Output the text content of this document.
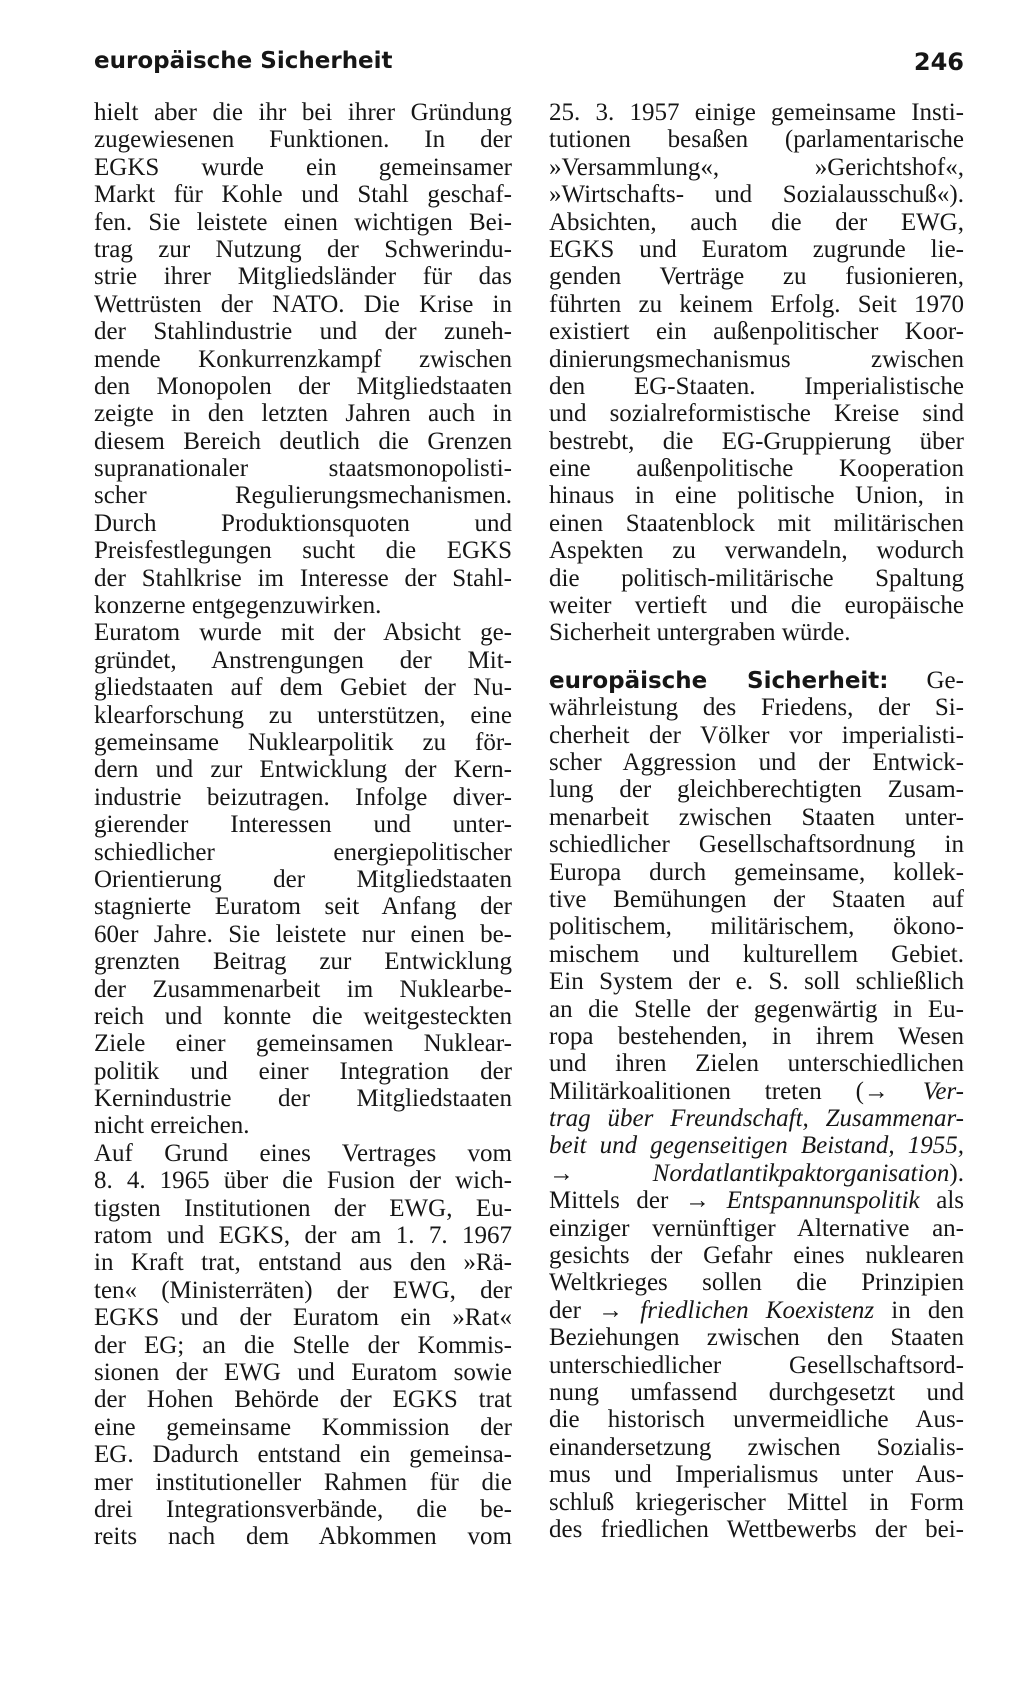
europäische Sicherheit	246
hielt aber die ihr bei ihrer Gründung
zugewiesenen Funktionen. In der
EGKS wurde ein gemeinsamer
Markt für Kohle und Stahl geschaf-
fen. Sie leistete einen wichtigen Bei-
trag zur Nutzung der Schwerindu-
strie ihrer Mitgliedsländer für das
Wettrüsten der NATO. Die Krise in
der Stahlindustrie und der zuneh-
mende Konkurrenzkampf zwischen
den Monopolen der Mitgliedstaaten
zeigte in den letzten Jahren auch in
diesem Bereich deutlich die Grenzen
supranationaler staatsmonopolisti-
scher Regulierungsmechanismen.
Durch Produktionsquoten und
Preisfestlegungen sucht die EGKS
der Stahlkrise im Interesse der Stahl-
konzerne entgegenzuwirken.
Euratom wurde mit der Absicht ge-
gründet, Anstrengungen der Mit-
gliedstaaten auf dem Gebiet der Nu-
klearforschung zu unterstützen, eine
gemeinsame Nuklearpolitik zu för-
dern und zur Entwicklung der Kern-
industrie beizutragen. Infolge diver-
gierender Interessen und unter-
schiedlicher energiepolitischer
Orientierung der Mitgliedstaaten
stagnierte Euratom seit Anfang der
60er Jahre. Sie leistete nur einen be-
grenzten Beitrag zur Entwicklung
der Zusammenarbeit im Nuklearbe-
reich und konnte die weitgesteckten
Ziele einer gemeinsamen Nuklear-
politik und einer Integration der
Kernindustrie der Mitgliedstaaten
nicht erreichen.
Auf Grund eines Vertrages vom
8. 4. 1965 über die Fusion der wich-
tigsten Institutionen der EWG, Eu-
ratom und EGKS, der am 1. 7. 1967
in Kraft trat, entstand aus den »Rä-
ten« (Ministerräten) der EWG, der
EGKS und der Euratom ein »Rat«
der EG; an die Stelle der Kommis-
sionen der EWG und Euratom sowie
der Hohen Behörde der EGKS trat
eine gemeinsame Kommission der
EG. Dadurch entstand ein gemeinsa-
mer institutioneller Rahmen für die
drei Integrationsverbände, die be-
reits nach dem Abkommen vom
25. 3. 1957 einige gemeinsame Insti-
tutionen besaßen (parlamentarische
»Versammlung«, »Gerichtshof«,
»Wirtschafts- und Sozialausschuß«).
Absichten, auch die der EWG,
EGKS und Euratom zugrunde lie-
genden Verträge zu fusionieren,
führten zu keinem Erfolg. Seit 1970
existiert ein außenpolitischer Koor-
dinierungsmechanismus zwischen
den EG-Staaten. Imperialistische
und sozialreformistische Kreise sind
bestrebt, die EG-Gruppierung über
eine außenpolitische Kooperation
hinaus in eine politische Union, in
einen Staatenblock mit militärischen
Aspekten zu verwandeln, wodurch
die politisch-militärische Spaltung
weiter vertieft und die europäische
Sicherheit untergraben würde.
europäische Sicherheit: Ge-
währleistung des Friedens, der Si-
cherheit der Völker vor imperialisti-
scher Aggression und der Entwick-
lung der gleichberechtigten Zusam-
menarbeit zwischen Staaten unter-
schiedlicher Gesellschaftsordnung in
Europa durch gemeinsame, kollek-
tive Bemühungen der Staaten auf
politischem, militärischem, ökono-
mischem und kulturellem Gebiet.
Ein System der e. S. soll schließlich
an die Stelle der gegenwärtig in Eu-
ropa bestehenden, in ihrem Wesen
und ihren Zielen unterschiedlichen
Militärkoalitionen treten (→ Ver-
trag über Freundschaft, Zusammenar-
beit und gegenseitigen Beistand, 1955,
→ Nordatlantikpaktorganisation).
Mittels der → Entspannunspolitik als
einziger vernünftiger Alternative an-
gesichts der Gefahr eines nuklearen
Weltkrieges sollen die Prinzipien
der → friedlichen Koexistenz in den
Beziehungen zwischen den Staaten
unterschiedlicher Gesellschaftsord-
nung umfassend durchgesetzt und
die historisch unvermeidliche Aus-
einandersetzung zwischen Sozialis-
mus und Imperialismus unter Aus-
schluß kriegerischer Mittel in Form
des friedlichen Wettbewerbs der bei-
